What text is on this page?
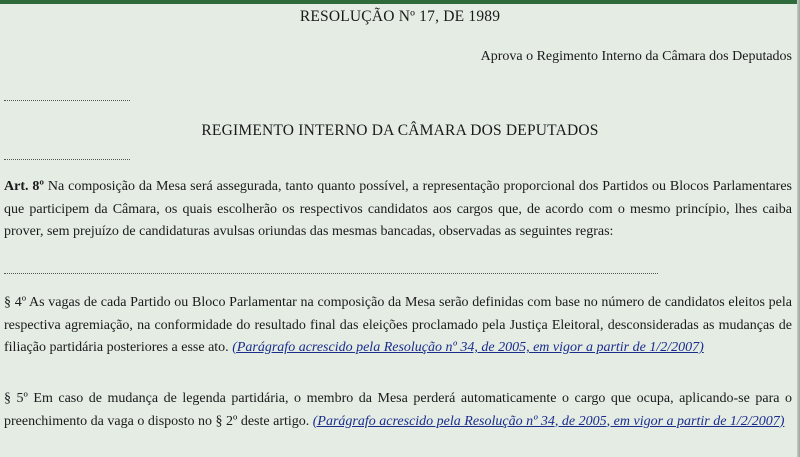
RESOLUÇÃO Nº 17, DE 1989
Aprova o Regimento Interno da Câmara dos Deputados
REGIMENTO INTERNO DA CÂMARA DOS DEPUTADOS
Art. 8º Na composição da Mesa será assegurada, tanto quanto possível, a representação proporcional dos Partidos ou Blocos Parlamentares que participem da Câmara, os quais escolherão os respectivos candidatos aos cargos que, de acordo com o mesmo princípio, lhes caiba prover, sem prejuízo de candidaturas avulsas oriundas das mesmas bancadas, observadas as seguintes regras:
§ 4º As vagas de cada Partido ou Bloco Parlamentar na composição da Mesa serão definidas com base no número de candidatos eleitos pela respectiva agremiação, na conformidade do resultado final das eleições proclamado pela Justiça Eleitoral, desconsideradas as mudanças de filiação partidária posteriores a esse ato. (Parágrafo acrescido pela Resolução nº 34, de 2005, em vigor a partir de 1/2/2007)
§ 5º Em caso de mudança de legenda partidária, o membro da Mesa perderá automaticamente o cargo que ocupa, aplicando-se para o preenchimento da vaga o disposto no § 2º deste artigo. (Parágrafo acrescido pela Resolução nº 34, de 2005, em vigor a partir de 1/2/2007)
